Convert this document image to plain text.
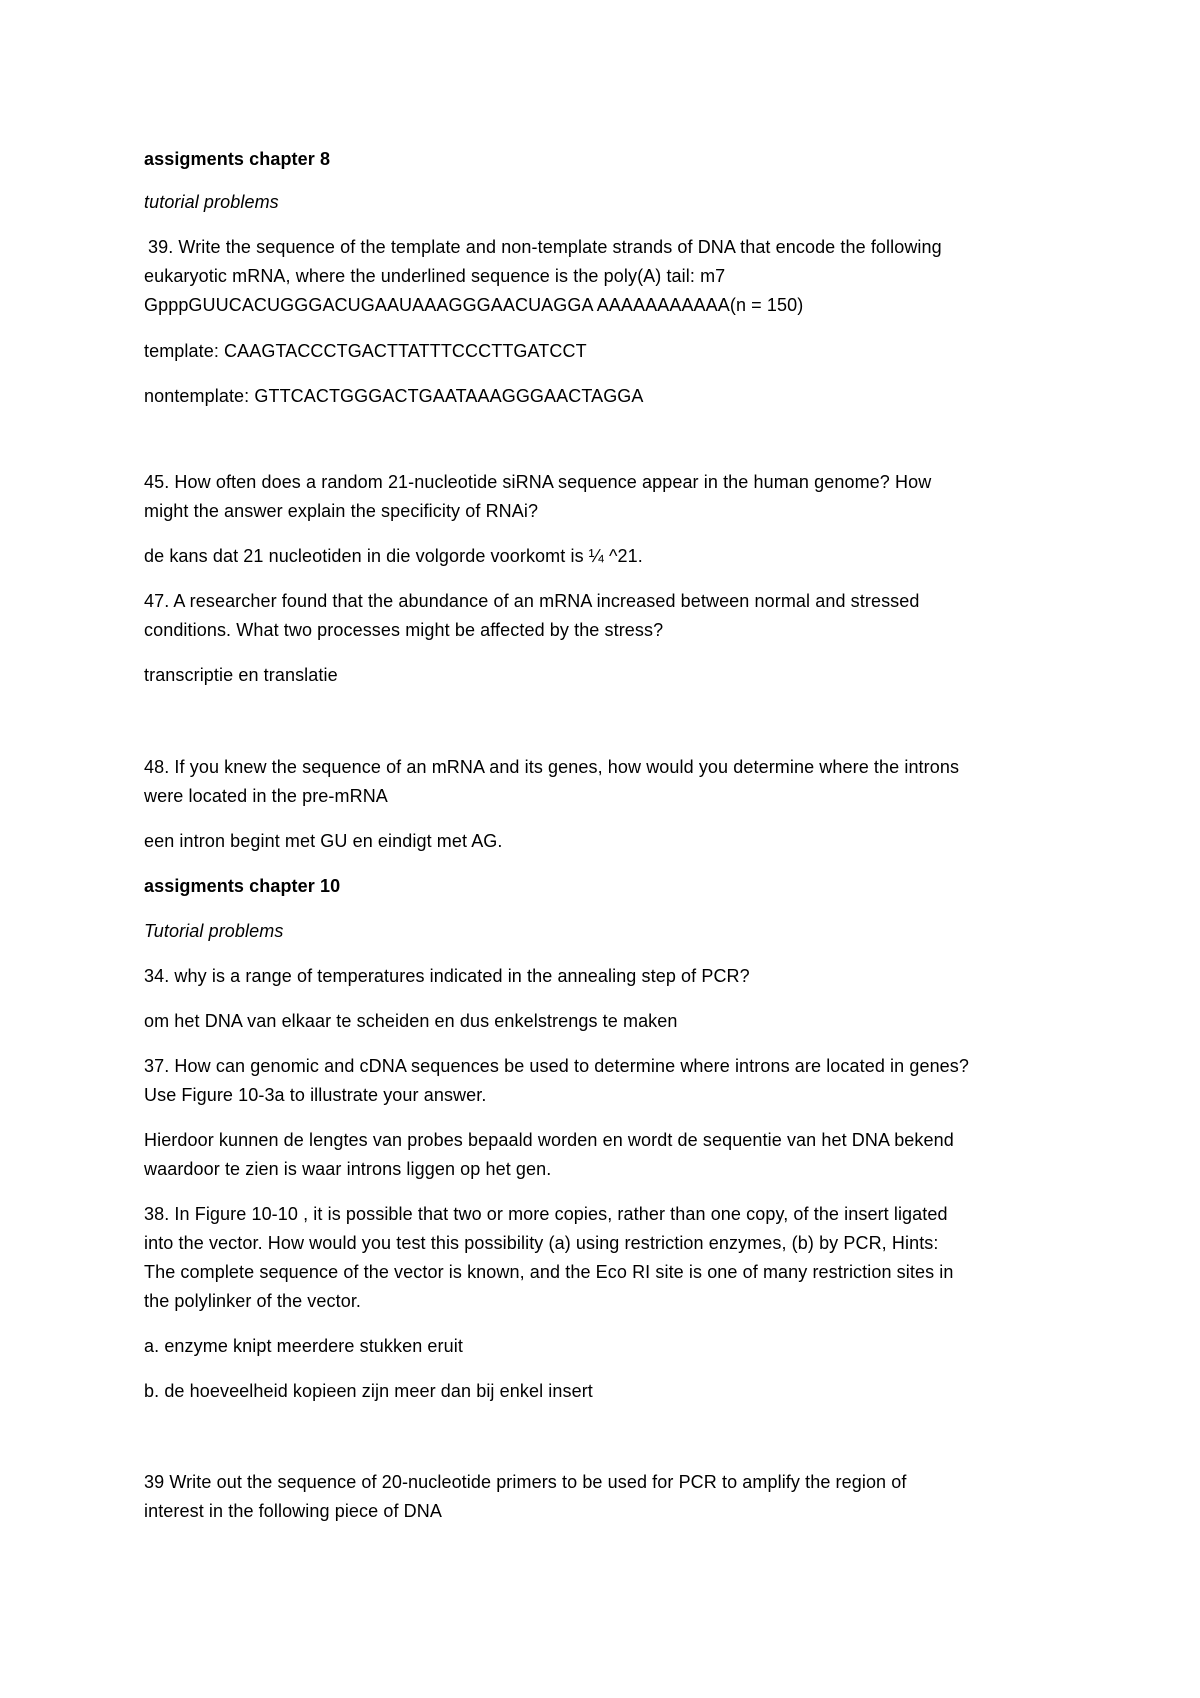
assigments chapter 8
tutorial problems
39. Write the sequence of the template and non-template strands of DNA that encode the following
eukaryotic mRNA, where the underlined sequence is the poly(A) tail: m7
GpppGUUCACUGGGACUGAAUAAAGGGAACUAGGA AAAAAAAAAAA(n = 150)
template: CAAGTACCCTGACTTATTTCCCTTGATCCT
nontemplate: GTTCACTGGGACTGAATAAAGGGAACTAGGA
45. How often does a random 21-nucleotide siRNA sequence appear in the human genome? How
might the answer explain the specificity of RNAi?
de kans dat 21 nucleotiden in die volgorde voorkomt is ¼ ^21.
47. A researcher found that the abundance of an mRNA increased between normal and stressed
conditions. What two processes might be affected by the stress?
transcriptie en translatie
48. If you knew the sequence of an mRNA and its genes, how would you determine where the introns
were located in the pre-mRNA
een intron begint met GU en eindigt met AG.
assigments chapter 10
Tutorial problems
34. why is a range of temperatures indicated in the annealing step of PCR?
om het DNA van elkaar te scheiden en dus enkelstrengs te maken
37. How can genomic and cDNA sequences be used to determine where introns are located in genes?
Use Figure 10-3a to illustrate your answer.
Hierdoor kunnen de lengtes van probes bepaald worden en wordt de sequentie van het DNA bekend
waardoor te zien is waar introns liggen op het gen.
38. In Figure 10-10 , it is possible that two or more copies, rather than one copy, of the insert ligated
into the vector. How would you test this possibility (a) using restriction enzymes, (b) by PCR, Hints:
The complete sequence of the vector is known, and the Eco RI site is one of many restriction sites in
the polylinker of the vector.
a. enzyme knipt meerdere stukken eruit
b. de hoeveelheid kopieen zijn meer dan bij enkel insert
39 Write out the sequence of 20-nucleotide primers to be used for PCR to amplify the region of
interest in the following piece of DNA
